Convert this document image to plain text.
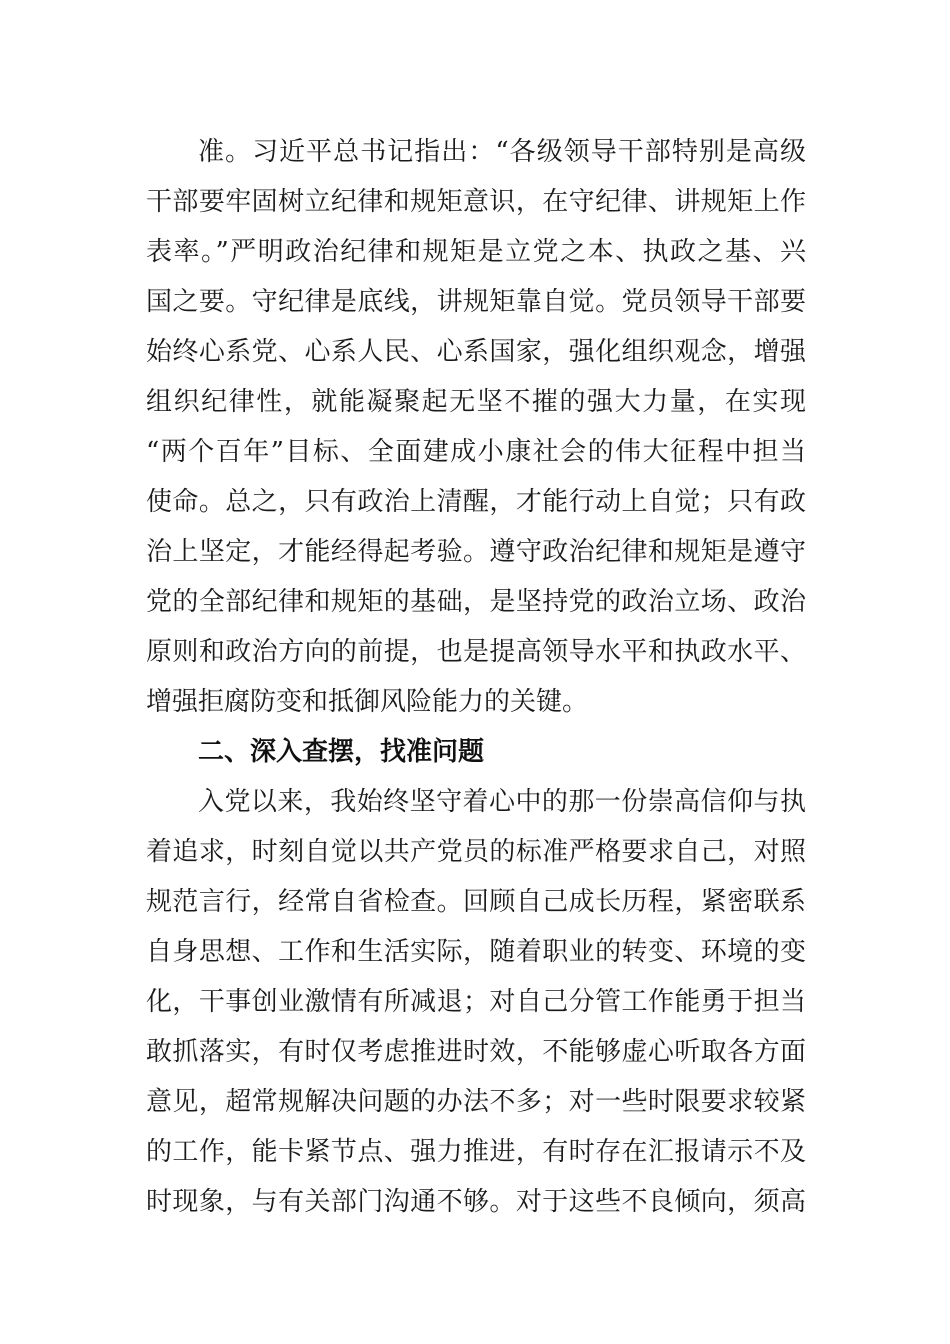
准。习近平总书记指出：“各级领导干部特别是高级
干部要牢固树立纪律和规矩意识，在守纪律、讲规矩上作
表率。”严明政治纪律和规矩是立党之本、执政之基、兴
国之要。守纪律是底线，讲规矩靠自觉。党员领导干部要
始终心系党、心系人民、心系国家，强化组织观念，增强
组织纪律性，就能凝聚起无坚不摧的强大力量，在实现
“两个百年”目标、全面建成小康社会的伟大征程中担当
使命。总之，只有政治上清醒，才能行动上自觉；只有政
治上坚定，才能经得起考验。遵守政治纪律和规矩是遵守
党的全部纪律和规矩的基础，是坚持党的政治立场、政治
原则和政治方向的前提，也是提高领导水平和执政水平、
增强拒腐防变和抵御风险能力的关键。
二、深入查摆，找准问题
入党以来，我始终坚守着心中的那一份崇高信仰与执
着追求，时刻自觉以共产党员的标准严格要求自己，对照
规范言行，经常自省检查。回顾自己成长历程，紧密联系
自身思想、工作和生活实际，随着职业的转变、环境的变
化，干事创业激情有所减退；对自己分管工作能勇于担当
敢抓落实，有时仅考虑推进时效，不能够虚心听取各方面
意见，超常规解决问题的办法不多；对一些时限要求较紧
的工作，能卡紧节点、强力推进，有时存在汇报请示不及
时现象，与有关部门沟通不够。对于这些不良倾向，须高
